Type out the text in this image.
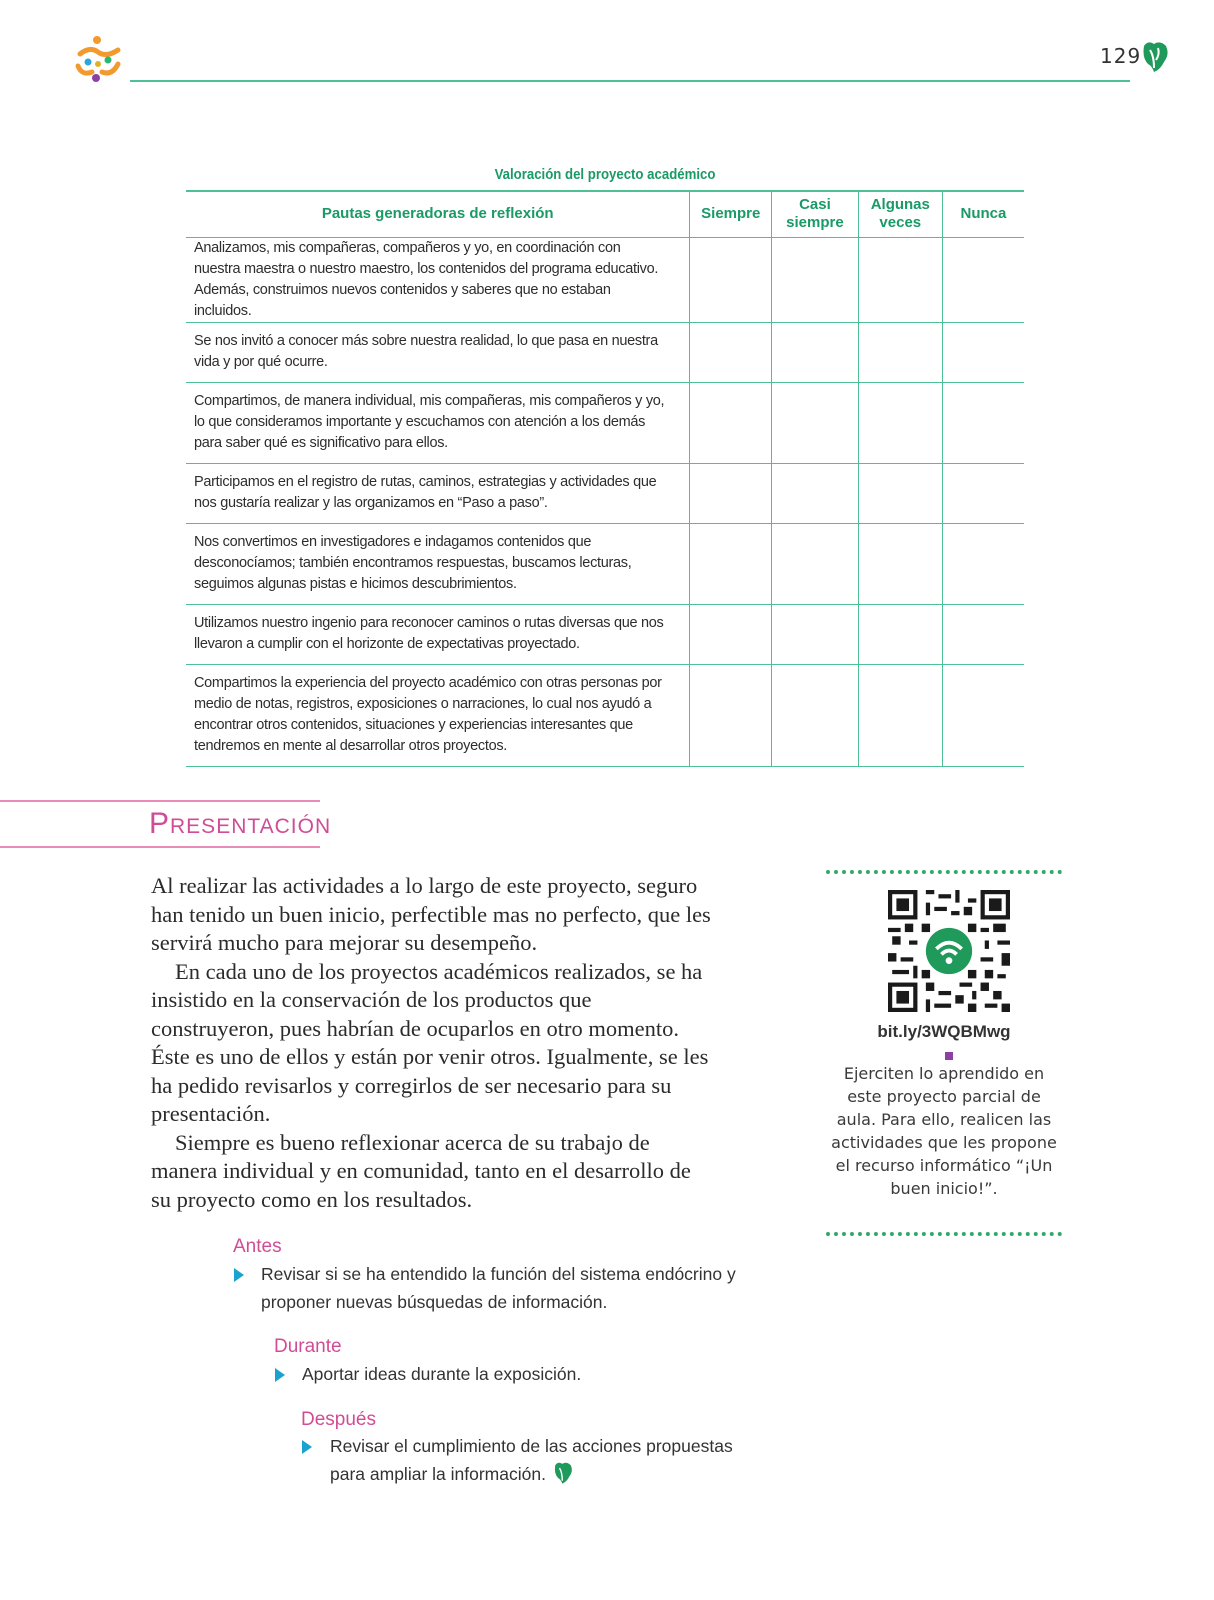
129
Valoración del proyecto académico
Pautas generadoras de reflexión	Siempre	Casi siempre	Algunas veces	Nunca
Analizamos, mis compañeras, compañeros y yo, en coordinación con nuestra maestra o nuestro maestro, los contenidos del programa educativo. Además, construimos nuevos contenidos y saberes que no estaban incluidos.				
Se nos invitó a conocer más sobre nuestra realidad, lo que pasa en nuestra vida y por qué ocurre.				
Compartimos, de manera individual, mis compañeras, mis compañeros y yo, lo que consideramos importante y escuchamos con atención a los demás para saber qué es significativo para ellos.				
Participamos en el registro de rutas, caminos, estrategias y actividades que nos gustaría realizar y las organizamos en “Paso a paso”.				
Nos convertimos en investigadores e indagamos contenidos que desconocíamos; también encontramos respuestas, buscamos lecturas, seguimos algunas pistas e hicimos descubrimientos.				
Utilizamos nuestro ingenio para reconocer caminos o rutas diversas que nos llevaron a cumplir con el horizonte de expectativas proyectado.				
Compartimos la experiencia del proyecto académico con otras personas por medio de notas, registros, exposiciones o narraciones, lo cual nos ayudó a encontrar otros contenidos, situaciones y experiencias interesantes que tendremos en mente al desarrollar otros proyectos.				
Presentación

Al realizar las actividades a lo largo de este proyecto, seguro han tenido un buen inicio, perfectible mas no perfecto, que les servirá mucho para mejorar su desempeño.

En cada uno de los proyectos académicos realizados, se ha insistido en la conservación de los productos que construyeron, pues habrían de ocuparlos en otro momento. Éste es uno de ellos y están por venir otros. Igualmente, se les ha pedido revisarlos y corregirlos de ser necesario para su presentación.

Siempre es bueno reflexionar acerca de su trabajo de manera individual y en comunidad, tanto en el desarrollo de su proyecto como en los resultados.

bit.ly/3WQBMwg
Ejerciten lo aprendido en este proyecto parcial de aula. Para ello, realicen las actividades que les propone el recurso informático “¡Un buen inicio!”.
Antes
Revisar si se ha entendido la función del sistema endócrino y proponer nuevas búsquedas de información.
Durante
Aportar ideas durante la exposición.
Después
Revisar el cumplimiento de las acciones propuestas para ampliar la información.
